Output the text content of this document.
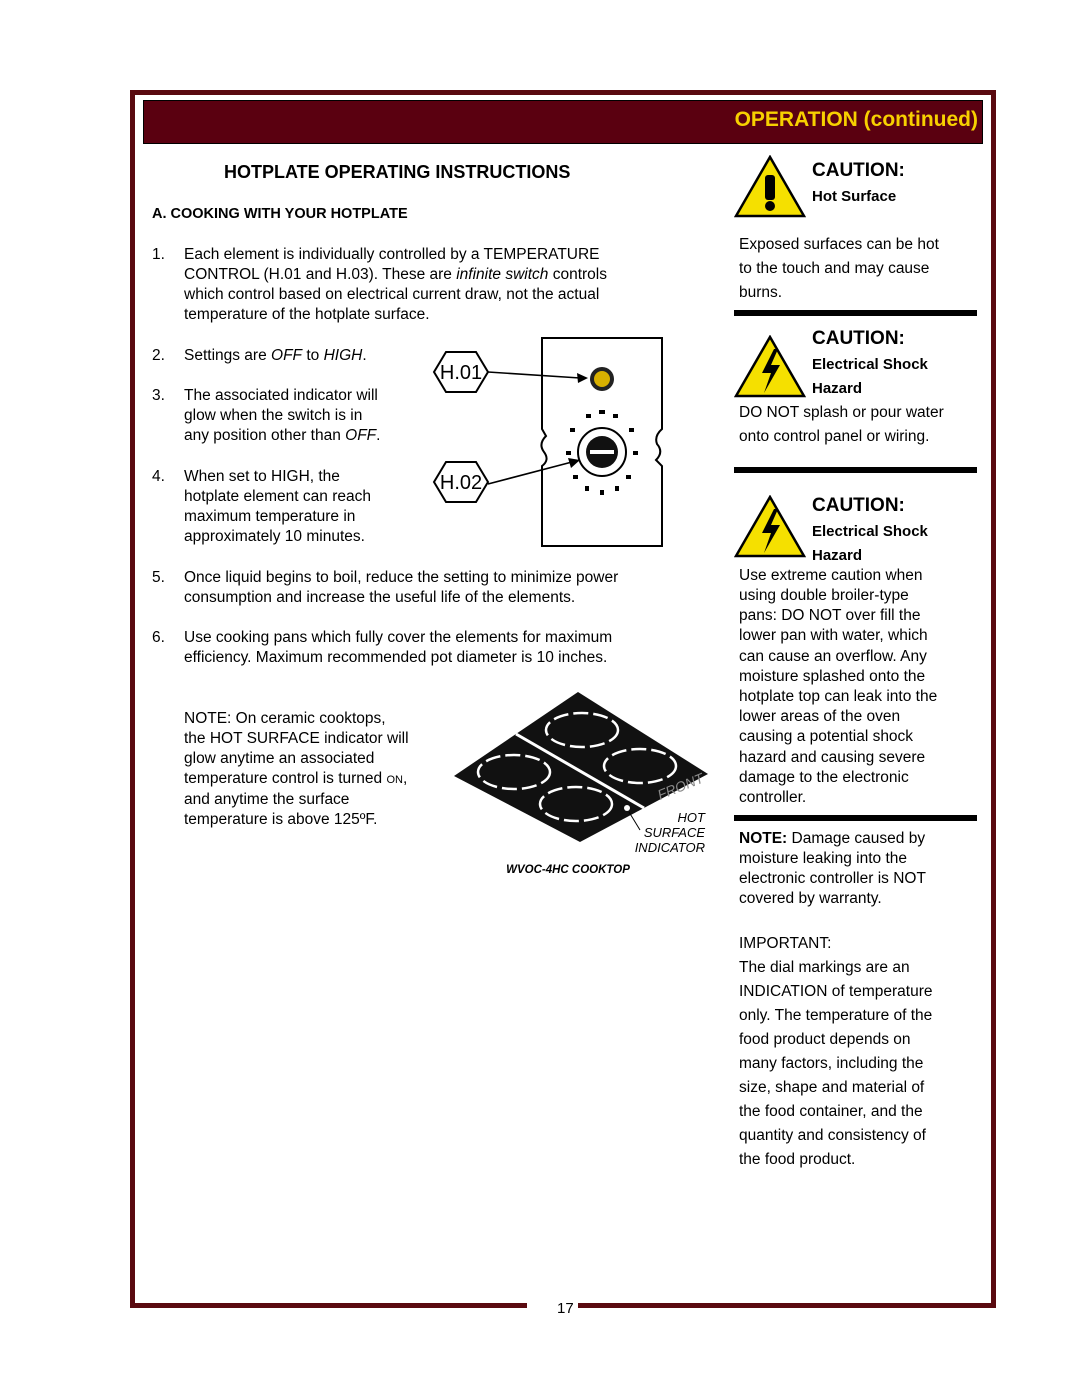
OPERATION (continued)
HOTPLATE OPERATING INSTRUCTIONS
A. COOKING WITH YOUR HOTPLATE
1. Each element is individually controlled by a TEMPERATURE
CONTROL (H.01 and H.03). These are infinite switch controls
which control based on electrical current draw, not the actual
temperature of the hotplate surface.
2. Settings are OFF to HIGH.
3. The associated indicator will
glow when the switch is in
any position other than OFF.
4. When set to HIGH, the
hotplate element can reach
maximum temperature in
approximately 10 minutes.
H.01
H.02
5. Once liquid begins to boil, reduce the setting to minimize power
consumption and increase the useful life of the elements.
6. Use cooking pans which fully cover the elements for maximum
efficiency. Maximum recommended pot diameter is 10 inches.
NOTE: On ceramic cooktops,
the HOT SURFACE indicator will
glow anytime an associated
temperature control is turned ON,
and anytime the surface
temperature is above 125ºF.
FRONT
HOT
SURFACE
INDICATOR
WVOC-4HC COOKTOP
CAUTION:
Hot Surface
Exposed surfaces can be hot
to the touch and may cause
burns.
CAUTION:
Electrical Shock
Hazard
DO NOT splash or pour water
onto control panel or wiring.
CAUTION:
Electrical Shock
Hazard
Use extreme caution when
using double broiler-type
pans: DO NOT over fill the
lower pan with water, which
can cause an overflow. Any
moisture splashed onto the
hotplate top can leak into the
lower areas of the oven
causing a potential shock
hazard and causing severe
damage to the electronic
controller.
NOTE: Damage caused by
moisture leaking into the
electronic controller is NOT
covered by warranty.
IMPORTANT:
The dial markings are an
INDICATION of temperature
only. The temperature of the
food product depends on
many factors, including the
size, shape and material of
the food container, and the
quantity and consistency of
the food product.
17
